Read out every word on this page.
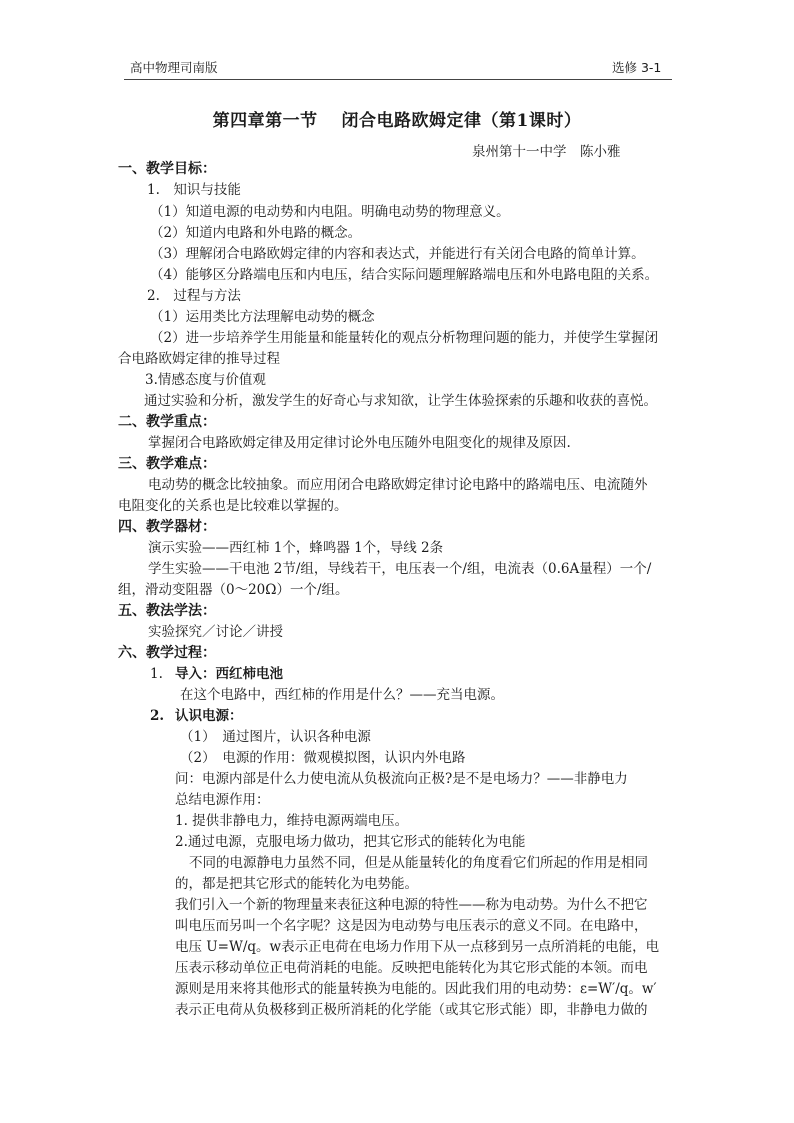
高中物理司南版	选修 3-1
第四章第一节　 闭合电路欧姆定律（第1课时）
泉州第十一中学　陈小雅
一、教学目标：
1.　知识与技能
（1）知道电源的电动势和内电阻。明确电动势的物理意义。
（2）知道内电路和外电路的概念。
（3）理解闭合电路欧姆定律的内容和表达式，并能进行有关闭合电路的简单计算。
（4）能够区分路端电压和内电压，结合实际问题理解路端电压和外电路电阻的关系。
2.　过程与方法
（1）运用类比方法理解电动势的概念
（2）进一步培养学生用能量和能量转化的观点分析物理问题的能力，并使学生掌握闭
合电路欧姆定律的推导过程
3.情感态度与价值观
通过实验和分析，激发学生的好奇心与求知欲，让学生体验探索的乐趣和收获的喜悦。
二、教学重点：
掌握闭合电路欧姆定律及用定律讨论外电压随外电阻变化的规律及原因.
三、教学难点：
电动势的概念比较抽象。而应用闭合电路欧姆定律讨论电路中的路端电压、电流随外
电阻变化的关系也是比较难以掌握的。
四、教学器材：
演示实验——西红柿 1个，蜂鸣器 1个，导线 2条
学生实验——干电池 2节/组，导线若干，电压表一个/组，电流表（0.6A量程）一个/
组，滑动变阻器（0～20Ω）一个/组。
五、教法学法：
实验探究／讨论／讲授
六、教学过程：
1. 导入：西红柿电池
在这个电路中，西红柿的作用是什么？——充当电源。
2. 认识电源：
（1）　通过图片，认识各种电源
（2）　电源的作用：微观模拟图，认识内外电路
问：电源内部是什么力使电流从负极流向正极?是不是电场力？——非静电力
总结电源作用：
1. 提供非静电力，维持电源两端电压。
2.通过电源，克服电场力做功，把其它形式的能转化为电能
不同的电源静电力虽然不同，但是从能量转化的角度看它们所起的作用是相同
的，都是把其它形式的能转化为电势能。
我们引入一个新的物理量来表征这种电源的特性——称为电动势。为什么不把它
叫电压而另叫一个名字呢？这是因为电动势与电压表示的意义不同。在电路中，
电压 U=W/q。w表示正电荷在电场力作用下从一点移到另一点所消耗的电能，电
压表示移动单位正电荷消耗的电能。反映把电能转化为其它形式能的本领。而电
源则是用来将其他形式的能量转换为电能的。因此我们用的电动势：ε=W′/q。w′
表示正电荷从负极移到正极所消耗的化学能（或其它形式能）即，非静电力做的
